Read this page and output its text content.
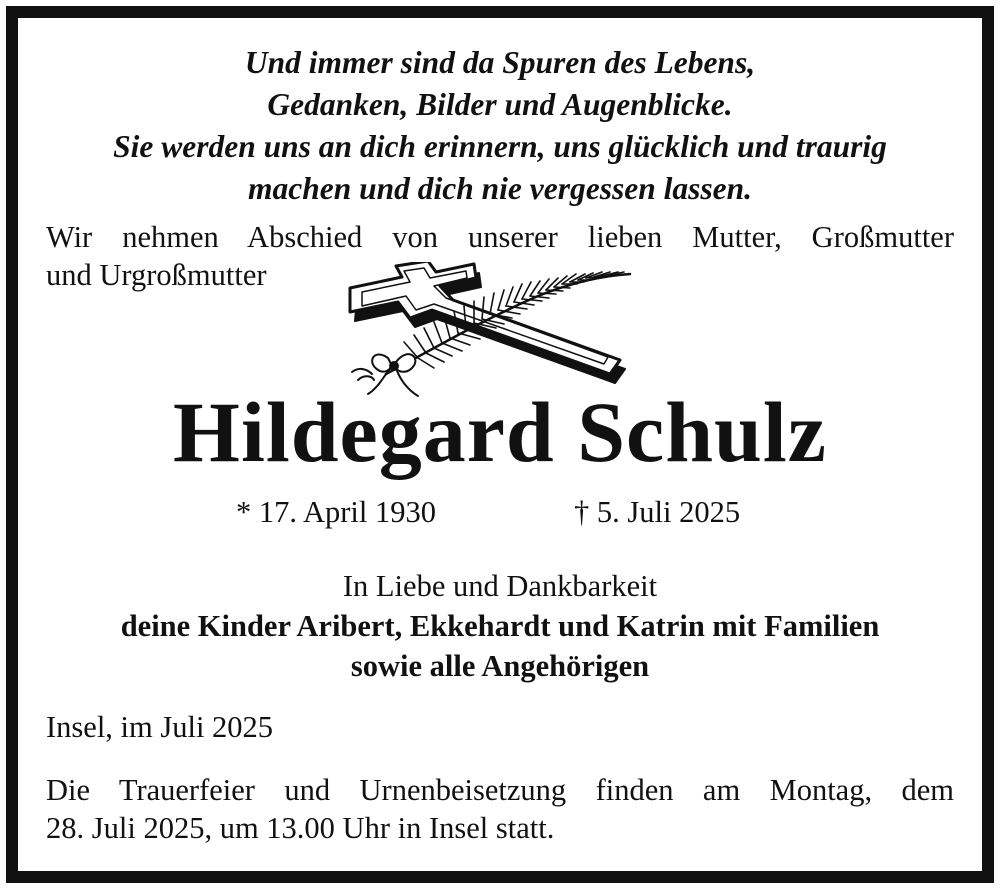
Und immer sind da Spuren des Lebens,
Gedanken, Bilder und Augenblicke.
Sie werden uns an dich erinnern, uns glücklich und traurig
machen und dich nie vergessen lassen.
Wir nehmen Abschied von unserer lieben Mutter, Großmutter
und Urgroßmutter
Hildegard Schulz
* 17. April 1930	† 5. Juli 2025
In Liebe und Dankbarkeit
deine Kinder Aribert, Ekkehardt und Katrin mit Familien
sowie alle Angehörigen
Insel, im Juli 2025
Die Trauerfeier und Urnenbeisetzung finden am Montag, dem
28. Juli 2025, um 13.00 Uhr in Insel statt.
